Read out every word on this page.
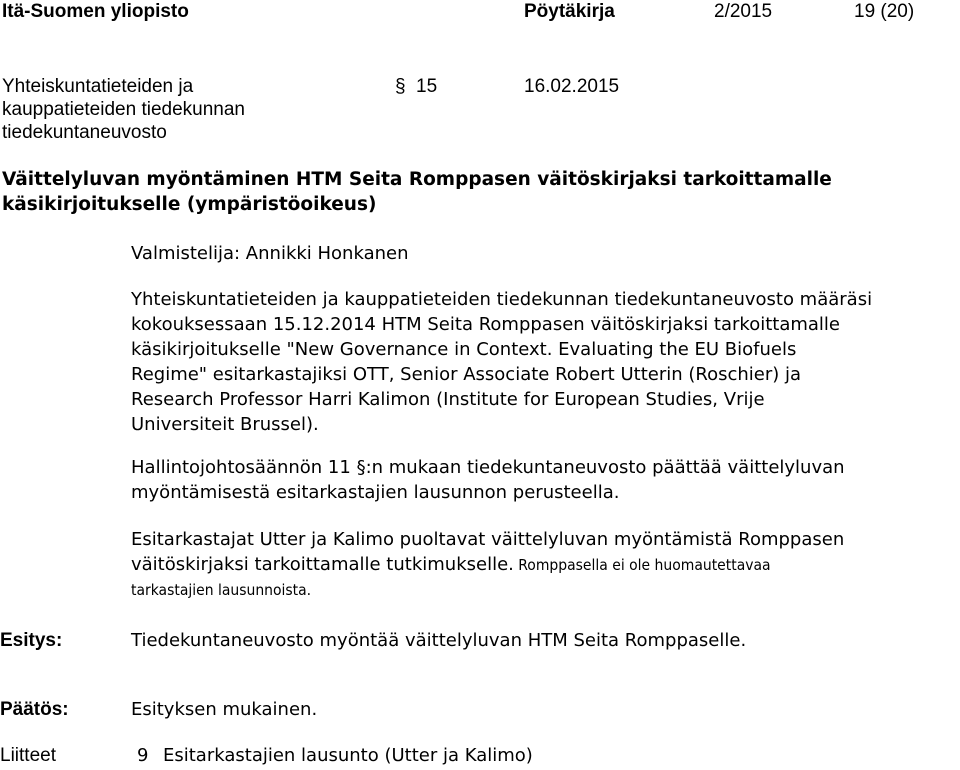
Itä-Suomen yliopisto	Pöytäkirja	2/2015	19 (20)
Yhteiskuntatieteiden ja
kauppatieteiden tiedekunnan
tiedekuntaneuvosto
§ 15	16.02.2015
Väittelyluvan myöntäminen HTM Seita Romppasen väitöskirjaksi tarkoittamalle
käsikirjoitukselle (ympäristöoikeus)
Valmistelija: Annikki Honkanen
Yhteiskuntatieteiden ja kauppatieteiden tiedekunnan tiedekuntaneuvosto määräsi
kokouksessaan 15.12.2014 HTM Seita Romppasen väitöskirjaksi tarkoittamalle
käsikirjoitukselle "New Governance in Context. Evaluating the EU Biofuels
Regime" esitarkastajiksi OTT, Senior Associate Robert Utterin (Roschier) ja
Research Professor Harri Kalimon (Institute for European Studies, Vrije
Universiteit Brussel).
Hallintojohtosäännön 11 §:n mukaan tiedekuntaneuvosto päättää väittelyluvan
myöntämisestä esitarkastajien lausunnon perusteella.
Esitarkastajat Utter ja Kalimo puoltavat väittelyluvan myöntämistä Romppasen
väitöskirjaksi tarkoittamalle tutkimukselle. Romppasella ei ole huomautettavaa
tarkastajien lausunnoista.
Esitys:	Tiedekuntaneuvosto myöntää väittelyluvan HTM Seita Romppaselle.
Päätös:	Esityksen mukainen.
Liitteet	9 Esitarkastajien lausunto (Utter ja Kalimo)
